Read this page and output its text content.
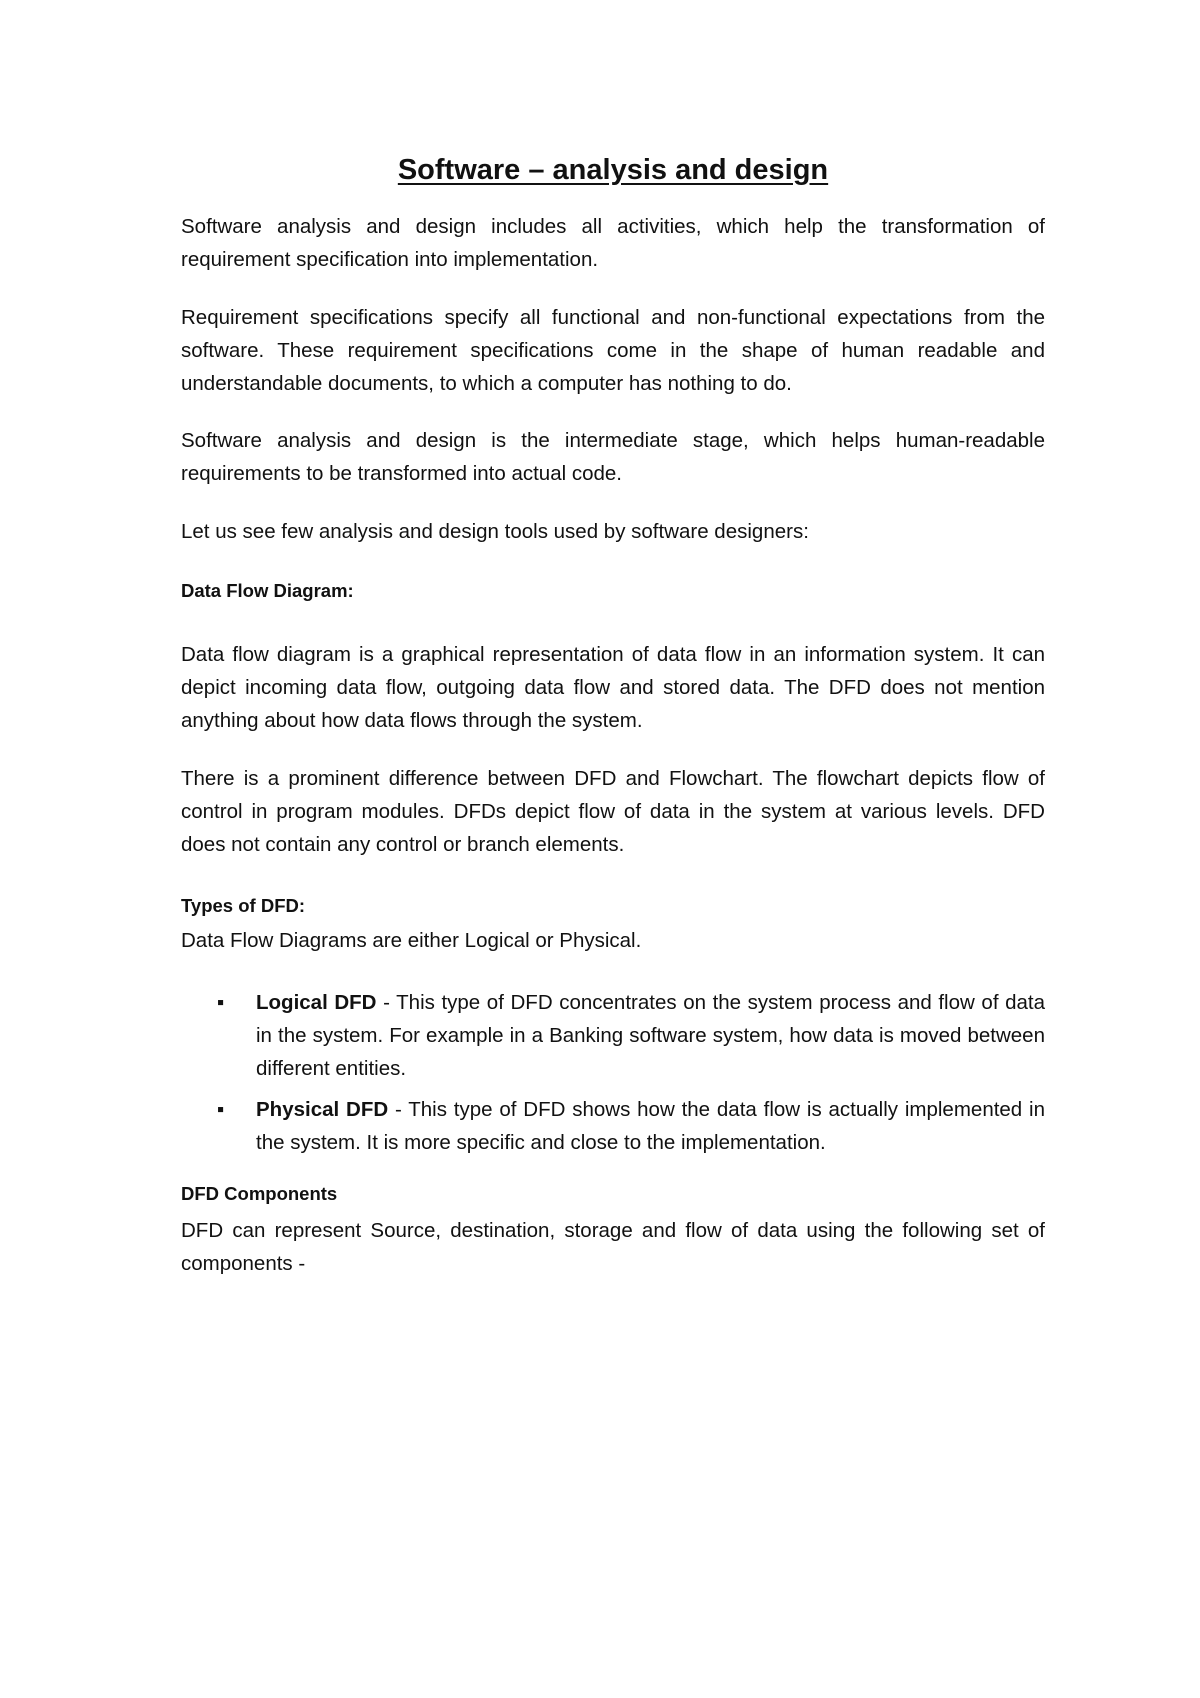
Software – analysis and design

Software analysis and design includes all activities, which help the transformation of requirement specification into implementation.

Requirement specifications specify all functional and non-functional expectations from the software. These requirement specifications come in the shape of human readable and understandable documents, to which a computer has nothing to do.

Software analysis and design is the intermediate stage, which helps human-readable requirements to be transformed into actual code.

Let us see few analysis and design tools used by software designers:

Data Flow Diagram:

Data flow diagram is a graphical representation of data flow in an information system. It can depict incoming data flow, outgoing data flow and stored data. The DFD does not mention anything about how data flows through the system.

There is a prominent difference between DFD and Flowchart. The flowchart depicts flow of control in program modules. DFDs depict flow of data in the system at various levels. DFD does not contain any control or branch elements.

Types of DFD:

Data Flow Diagrams are either Logical or Physical.

▪ Logical DFD - This type of DFD concentrates on the system process and flow of data in the system. For example in a Banking software system, how data is moved between different entities.
▪ Physical DFD - This type of DFD shows how the data flow is actually implemented in the system. It is more specific and close to the implementation.
DFD Components

DFD can represent Source, destination, storage and flow of data using the following set of components -
